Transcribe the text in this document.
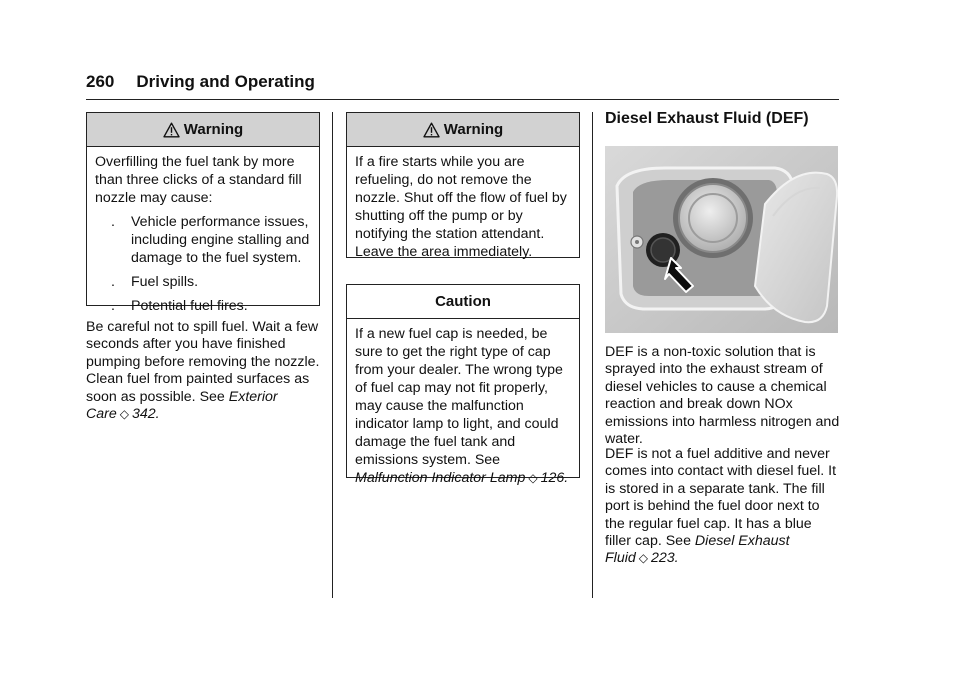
260 Driving and Operating
Warning

Overfilling the fuel tank by more than three clicks of a standard fill nozzle may cause:

. Vehicle performance issues, including engine stalling and damage to the fuel system.
. Fuel spills.
. Potential fuel fires.

Be careful not to spill fuel. Wait a few seconds after you have finished pumping before removing the nozzle. Clean fuel from painted surfaces as soon as possible. See Exterior Care ◇ 342.

Warning

If a fire starts while you are refueling, do not remove the nozzle. Shut off the flow of fuel by shutting off the pump or by notifying the station attendant. Leave the area immediately.

Caution

If a new fuel cap is needed, be sure to get the right type of cap from your dealer. The wrong type of fuel cap may not fit properly, may cause the malfunction indicator lamp to light, and could damage the fuel tank and emissions system. See Malfunction Indicator Lamp ◇ 126.

Diesel Exhaust Fluid (DEF)

DEF is a non-toxic solution that is sprayed into the exhaust stream of diesel vehicles to cause a chemical reaction and break down NOx emissions into harmless nitrogen and water.

DEF is not a fuel additive and never comes into contact with diesel fuel. It is stored in a separate tank. The fill port is behind the fuel door next to the regular fuel cap. It has a blue filler cap. See Diesel Exhaust Fluid ◇ 223.
